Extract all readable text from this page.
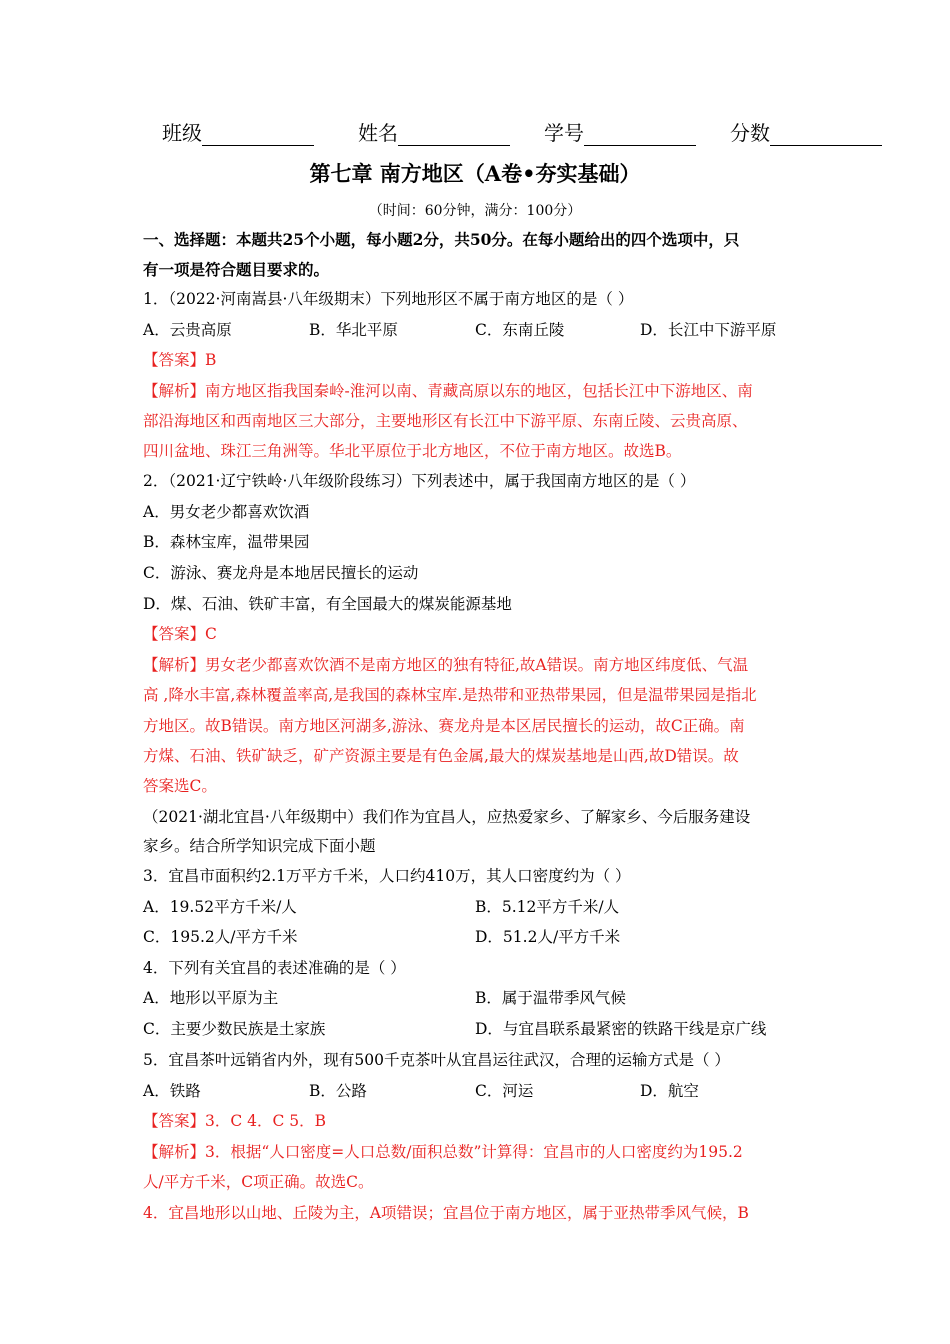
班级	姓名	学号	分数
第七章 南方地区（A卷•夯实基础）
（时间：60分钟，满分：100分）
一、选择题：本题共25个小题，每小题2分，共50分。在每小题给出的四个选项中，只
有一项是符合题目要求的。
1．（2022·河南嵩县·八年级期末）下列地形区不属于南方地区的是（ ）
A．云贵高原	B．华北平原	C．东南丘陵	D．长江中下游平原
【答案】B
【解析】南方地区指我国秦岭-淮河以南、青藏高原以东的地区，包括长江中下游地区、南
部沿海地区和西南地区三大部分，主要地形区有长江中下游平原、东南丘陵、云贵高原、
四川盆地、珠江三角洲等。华北平原位于北方地区，不位于南方地区。故选B。
2．（2021·辽宁铁岭·八年级阶段练习）下列表述中，属于我国南方地区的是（ ）
A．男女老少都喜欢饮酒
B．森林宝库，温带果园
C．游泳、赛龙舟是本地居民擅长的运动
D．煤、石油、铁矿丰富，有全国最大的煤炭能源基地
【答案】C
【解析】男女老少都喜欢饮酒不是南方地区的独有特征,故A错误。南方地区纬度低、气温
高 ,降水丰富,森林覆盖率高,是我国的森林宝库.是热带和亚热带果园，但是温带果园是指北
方地区。故B错误。南方地区河湖多,游泳、赛龙舟是本区居民擅长的运动，故C正确。南
方煤、石油、铁矿缺乏，矿产资源主要是有色金属,最大的煤炭基地是山西,故D错误。故
答案选C。
（2021·湖北宜昌·八年级期中）我们作为宜昌人，应热爱家乡、了解家乡、今后服务建设
家乡。结合所学知识完成下面小题
3．宜昌市面积约2.1万平方千米，人口约410万，其人口密度约为（ ）
A．19.52平方千米/人	B．5.12平方千米/人
C．195.2人/平方千米	D．51.2人/平方千米
4．下列有关宜昌的表述准确的是（ ）
A．地形以平原为主	B．属于温带季风气候
C．主要少数民族是土家族	D．与宜昌联系最紧密的铁路干线是京广线
5．宜昌茶叶远销省内外，现有500千克茶叶从宜昌运往武汉，合理的运输方式是（ ）
A．铁路	B．公路	C．河运	D．航空
【答案】3．C 4．C 5．B
【解析】3．根据“人口密度=人口总数/面积总数”计算得：宜昌市的人口密度约为195.2
人/平方千米，C项正确。故选C。
4．宜昌地形以山地、丘陵为主，A项错误；宜昌位于南方地区，属于亚热带季风气候，B
